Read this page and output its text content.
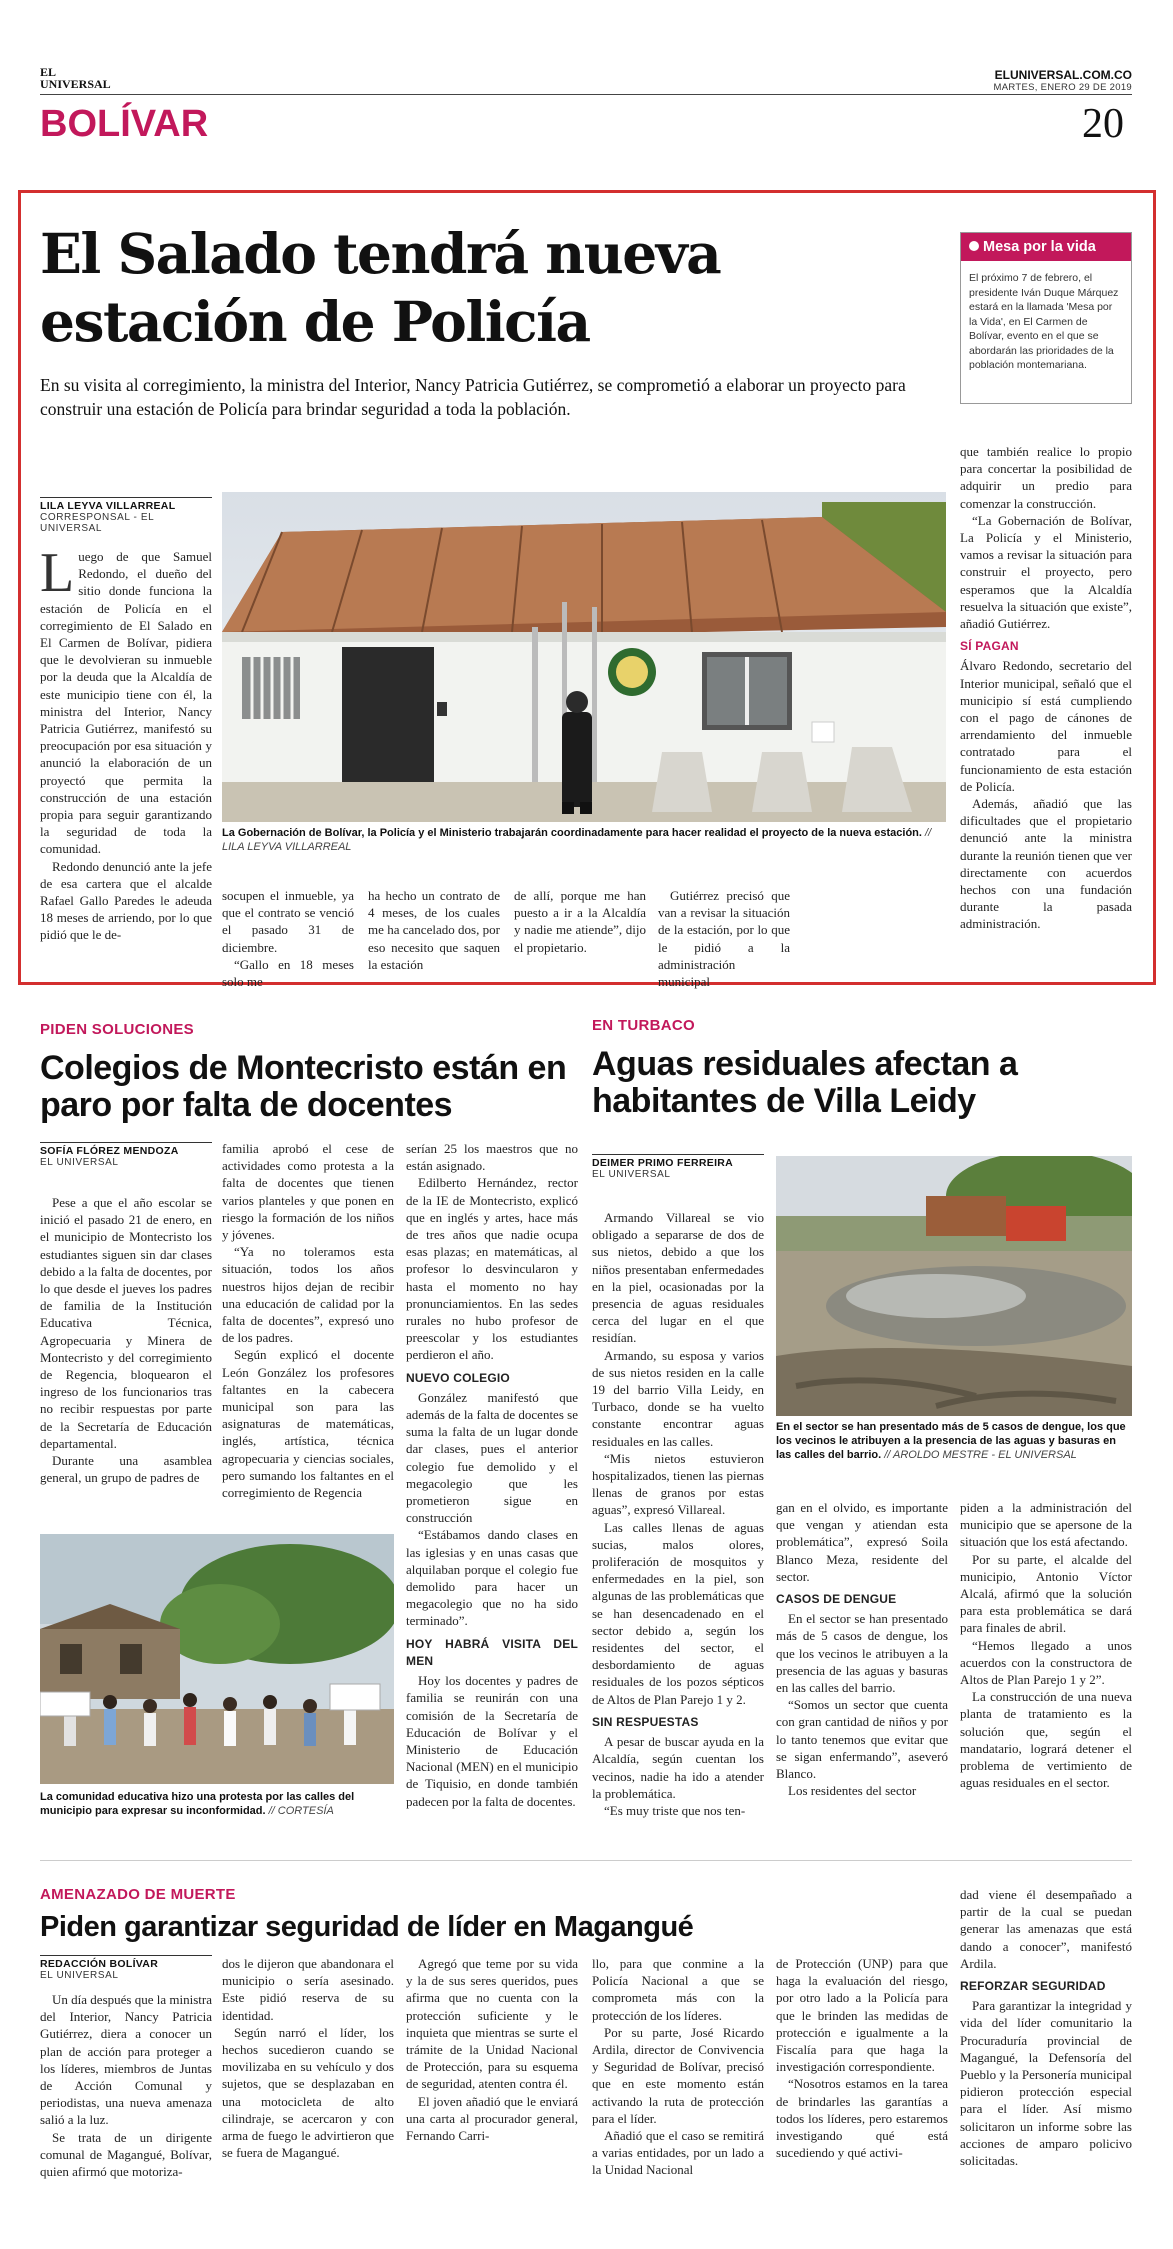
EL UNIVERSAL
ELUNIVERSAL.COM.CO
MARTES, ENERO 29 DE 2019
BOLÍVAR	20
El Salado tendrá nueva estación de Policía

En su visita al corregimiento, la ministra del Interior, Nancy Patricia Gutiérrez, se comprometió a elaborar un proyecto para construir una estación de Policía para brindar seguridad a toda la población.

Mesa por la vida

El próximo 7 de febrero, el presidente Iván Duque Márquez estará en la llamada 'Mesa por la Vida', en El Carmen de Bolívar, evento en el que se abordarán las prioridades de la población montemariana.

LILA LEYVA VILLARREAL
CORRESPONSAL - EL UNIVERSAL

Luego de que Samuel Redondo, el dueño del sitio donde funciona la estación de Policía en el corregimiento de El Salado en El Carmen de Bolívar, pidiera que le devolvieran su inmueble por la deuda que la Alcaldía de este municipio tiene con él, la ministra del Interior, Nancy Patricia Gutiérrez, manifestó su preocupación por esa situación y anunció la elaboración de un proyectó que permita la construcción de una estación propia para seguir garantizando la seguridad de toda la comunidad.

Redondo denunció ante la jefe de esa cartera que el alcalde Rafael Gallo Paredes le adeuda 18 meses de arriendo, por lo que pidió que le de-

La Gobernación de Bolívar, la Policía y el Ministerio trabajarán coordinadamente para hacer realidad el proyecto de la nueva estación. // LILA LEYVA VILLARREAL

socupen el inmueble, ya que el contrato se venció el pasado 31 de diciembre.

“Gallo en 18 meses solo me

ha hecho un contrato de 4 meses, de los cuales me ha cancelado dos, por eso necesito que saquen la estación

de allí, porque me han puesto a ir a la Alcaldía y nadie me atiende”, dijo el propietario.

Gutiérrez precisó que van a revisar la situación de la estación, por lo que le pidió a la administración municipal

que también realice lo propio para concertar la posibilidad de adquirir un predio para comenzar la construcción.

“La Gobernación de Bolívar, La Policía y el Ministerio, vamos a revisar la situación para construir el proyecto, pero esperamos que la Alcaldía resuelva la situación que existe”, añadió Gutiérrez.

SÍ PAGAN

Álvaro Redondo, secretario del Interior municipal, señaló que el municipio sí está cumpliendo con el pago de cánones de arrendamiento del inmueble contratado para el funcionamiento de esta estación de Policía.

Además, añadió que las dificultades que el propietario denunció ante la ministra durante la reunión tienen que ver directamente con acuerdos hechos con una fundación durante la pasada administración.

PIDEN SOLUCIONES
Colegios de Montecristo están en paro por falta de docentes
SOFÍA FLÓREZ MENDOZA
EL UNIVERSAL

Pese a que el año escolar se inició el pasado 21 de enero, en el municipio de Montecristo los estudiantes siguen sin dar clases debido a la falta de docentes, por lo que desde el jueves los padres de familia de la Institución Educativa Técnica, Agropecuaria y Minera de Montecristo y del corregimiento de Regencia, bloquearon el ingreso de los funcionarios tras no recibir respuestas por parte de la Secretaría de Educación departamental.

Durante una asamblea general, un grupo de padres de

familia aprobó el cese de actividades como protesta a la falta de docentes que tienen varios planteles y que ponen en riesgo la formación de los niños y jóvenes.

“Ya no toleramos esta situación, todos los años nuestros hijos dejan de recibir una educación de calidad por la falta de docentes”, expresó uno de los padres.

Según explicó el docente León González los profesores faltantes en la cabecera municipal son para las asignaturas de matemáticas, inglés, artística, técnica agropecuaria y ciencias sociales, pero sumando los faltantes en el corregimiento de Regencia

serían 25 los maestros que no están asignado.

Edilberto Hernández, rector de la IE de Montecristo, explicó que en inglés y artes, hace más de tres años que nadie ocupa esas plazas; en matemáticas, al profesor lo desvincularon y hasta el momento no hay pronunciamientos. En las sedes rurales no hubo profesor de preescolar y los estudiantes perdieron el año.

NUEVO COLEGIO

González manifestó que además de la falta de docentes se suma la falta de un lugar donde dar clases, pues el anterior colegio fue demolido y el megacolegio que les prometieron sigue en construcción

“Estábamos dando clases en las iglesias y en unas casas que alquilaban porque el colegio fue demolido para hacer un megacolegio que no ha sido terminado”.

HOY HABRÁ VISITA DEL MEN

Hoy los docentes y padres de familia se reunirán con una comisión de la Secretaría de Educación de Bolívar y el Ministerio de Educación Nacional (MEN) en el municipio de Tiquisio, en donde también padecen por la falta de docentes.

La comunidad educativa hizo una protesta por las calles del municipio para expresar su inconformidad. // CORTESÍA
EN TURBACO
Aguas residuales afectan a habitantes de Villa Leidy
DEIMER PRIMO FERREIRA
EL UNIVERSAL

Armando Villareal se vio obligado a separarse de dos de sus nietos, debido a que los niños presentaban enfermedades en la piel, ocasionadas por la presencia de aguas residuales cerca del lugar en el que residían.

Armando, su esposa y varios de sus nietos residen en la calle 19 del barrio Villa Leidy, en Turbaco, donde se ha vuelto constante encontrar aguas residuales en las calles.

“Mis nietos estuvieron hospitalizados, tienen las piernas llenas de granos por estas aguas”, expresó Villareal.

Las calles llenas de aguas sucias, malos olores, proliferación de mosquitos y enfermedades en la piel, son algunas de las problemáticas que se han desencadenado en el sector debido a, según los residentes del sector, el desbordamiento de aguas residuales de los pozos sépticos de Altos de Plan Parejo 1 y 2.

SIN RESPUESTAS

A pesar de buscar ayuda en la Alcaldía, según cuentan los vecinos, nadie ha ido a atender la problemática.

“Es muy triste que nos ten-

En el sector se han presentado más de 5 casos de dengue, los que los vecinos le atribuyen a la presencia de las aguas y basuras en las calles del barrio. // AROLDO MESTRE - EL UNIVERSAL

gan en el olvido, es importante que vengan y atiendan esta problemática”, expresó Soila Blanco Meza, residente del sector.

CASOS DE DENGUE

En el sector se han presentado más de 5 casos de dengue, los que los vecinos le atribuyen a la presencia de las aguas y basuras en las calles del barrio.

“Somos un sector que cuenta con gran cantidad de niños y por lo tanto tenemos que evitar que se sigan enfermando”, aseveró Blanco.

Los residentes del sector

piden a la administración del municipio que se apersone de la situación que los está afectando.

Por su parte, el alcalde del municipio, Antonio Víctor Alcalá, afirmó que la solución para esta problemática se dará para finales de abril.

“Hemos llegado a unos acuerdos con la constructora de Altos de Plan Parejo 1 y 2”.

La construcción de una nueva planta de tratamiento es la solución que, según el mandatario, logrará detener el problema de vertimiento de aguas residuales en el sector.

AMENAZADO DE MUERTE
Piden garantizar seguridad de líder en Magangué
REDACCIÓN BOLÍVAR
EL UNIVERSAL

Un día después que la ministra del Interior, Nancy Patricia Gutiérrez, diera a conocer un plan de acción para proteger a los líderes, miembros de Juntas de Acción Comunal y periodistas, una nueva amenaza salió a la luz.

Se trata de un dirigente comunal de Magangué, Bolívar, quien afirmó que motoriza-

dos le dijeron que abandonara el municipio o sería asesinado. Este pidió reserva de su identidad.

Según narró el líder, los hechos sucedieron cuando se movilizaba en su vehículo y dos sujetos, que se desplazaban en una motocicleta de alto cilindraje, se acercaron y con arma de fuego le advirtieron que se fuera de Magangué.

Agregó que teme por su vida y la de sus seres queridos, pues afirma que no cuenta con la protección suficiente y le inquieta que mientras se surte el trámite de la Unidad Nacional de Protección, para su esquema de seguridad, atenten contra él.

El joven añadió que le enviará una carta al procurador general, Fernando Carri-

llo, para que conmine a la Policía Nacional a que se comprometa más con la protección de los líderes.

Por su parte, José Ricardo Ardila, director de Convivencia y Seguridad de Bolívar, precisó que en este momento están activando la ruta de protección para el líder.

Añadió que el caso se remitirá a varias entidades, por un lado a la Unidad Nacional

de Protección (UNP) para que haga la evaluación del riesgo, por otro lado a la Policía para que le brinden las medidas de protección e igualmente a la Fiscalía para que haga la investigación correspondiente.

“Nosotros estamos en la tarea de brindarles las garantías a todos los líderes, pero estaremos investigando qué está sucediendo y qué activi-

dad viene él desempañado a partir de la cual se puedan generar las amenazas que está dando a conocer”, manifestó Ardila.

REFORZAR SEGURIDAD

Para garantizar la integridad y vida del líder comunitario la Procuraduría provincial de Magangué, la Defensoría del Pueblo y la Personería municipal pidieron protección especial para el líder. Así mismo solicitaron un informe sobre las acciones de amparo policivo solicitadas.
